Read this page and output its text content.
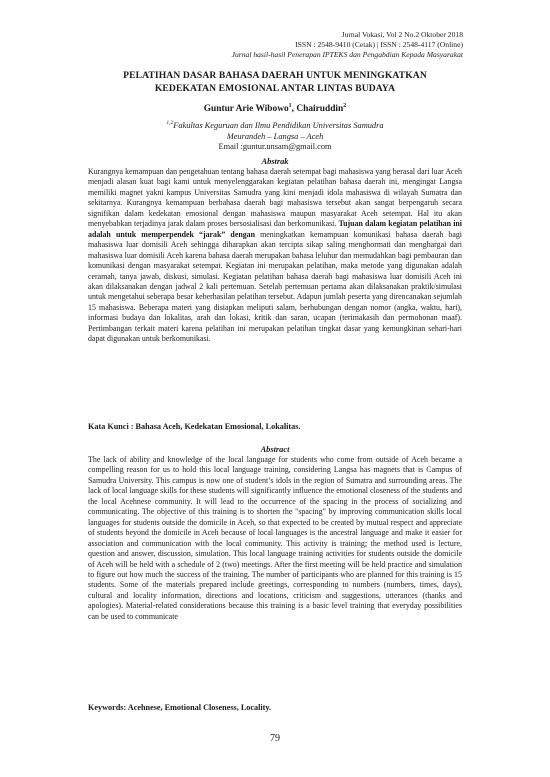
Jurnal Vokasi, Vol 2 No.2 Oktober 2018
ISSN : 2548-9410 (Cetak) | ISSN : 2548-4117 (Online)
Jurnal hasil-hasil Penerapan IPTEKS dan Pengabdian Kepada Masyarakat
PELATIHAN DASAR BAHASA DAERAH UNTUK MENINGKATKAN
KEDEKATAN EMOSIONAL ANTAR LINTAS BUDAYA
Guntur Arie Wibowo$^1$, Chairuddin$^2$
$^{1,2}$Fakultas Keguruan dan Ilmu Pendidikan Universitas Samudra
Meurandeh – Langsa – Aceh
Email :guntur.unsam@gmail.com
Abstrak
Kurangnya kemampuan dan pengetahuan tentang bahasa daerah setempat bagi mahasiswa yang berasal dari luar Aceh menjadi alasan kuat bagi kami untuk menyelenggarakan kegiatan pelatihan bahasa daerah ini, mengingat Langsa memiliki magnet yakni kampus Universitas Samudra yang kini menjadi idola mahasiswa di wilayah Sumatra dan sekitarnya. Kurangnya kemampuan berbahasa daerah bagi mahasiswa tersebut akan sangat berpengaruh secara signifikan dalam kedekatan emosional dengan mahasiswa maupun masyarakat Aceh setempat. Hal itu akan menyebabkan terjadinya jarak dalam proses bersosialisasi dan berkomunikasi. Tujuan dalam kegiatan pelatihan ini adalah untuk memperpendek “jarak” dengan meningkatkan kemampuan komunikasi bahasa daerah bagi mahasiswa luar domisili Aceh sehingga diharapkan akan tercipta sikap saling menghormati dan menghargai dari mahasiswa luar domisili Aceh karena bahasa daerah merupakan bahasa leluhur dan memudahkan bagi pembauran dan komunikasi dengan masyarakat setempat. Kegiatan ini merupakan pelatihan, maka metode yang digunakan adalah ceramah, tanya jawab, diskusi, simulasi. Kegiatan pelatihan bahasa daerah bagi mahasiswa luar domisili Aceh ini akan dilaksanakan dengan jadwal 2 kali pertemuan. Setelah pertemuan pertama akan dilaksanakan praktik/simulasi untuk mengetahui seberapa besar keberhasilan pelatihan tersebut. Adapun jumlah peserta yang direncanakan sejumlah 15 mahasiswa. Beberapa materi yang disiapkan meliputi salam, berhubungan dengan nomor (angka, waktu, hari), informasi budaya dan lokalitas, arah dan lokasi, kritik dan saran, ucapan (terimakasih dan permohonan maaf). Pertimbangan terkait materi karena pelatihan ini merupakan pelatihan tingkat dasar yang kemungkinan sehari-hari dapat digunakan untuk berkomunikasi.
Kata Kunci : Bahasa Aceh, Kedekatan Emosional, Lokalitas.
Abstract
The lack of ability and knowledge of the local language for students who come from outside of Aceh became a compelling reason for us to hold this local language training, considering Langsa has magnets that is Campus of Samudra University. This campus is now one of student’s idols in the region of Sumatra and surrounding areas. The lack of local language skills for these students will significantly influence the emotional closeness of the students and the local Acehnese community. It will lead to the occurrence of the spacing in the process of socializing and communicating. The objective of this training is to shorten the "spacing" by improving communication skills local languages for students outside the domicile in Aceh, so that expected to be created by mutual respect and appreciate of students beyond the domicile in Aceh because of local languages is the ancestral language and make it easier for association and communication with the local community. This activity is training; the method used is lecture, question and answer, discussion, simulation. This local language training activities for students outside the domicile of Aceh will be held with a schedule of 2 (two) meetings. After the first meeting will be held practice and simulation to figure out how much the success of the training. The number of participants who are planned for this training is 15 students. Some of the materials prepared include greetings, corresponding to numbers (numbers, times, days), cultural and locality information, directions and locations, criticism and suggestions, utterances (thanks and apologies). Material-related considerations because this training is a basic level training that everyday possibilities can be used to communicate
Keywords: Acehnese, Emotional Closeness, Locality.
79
